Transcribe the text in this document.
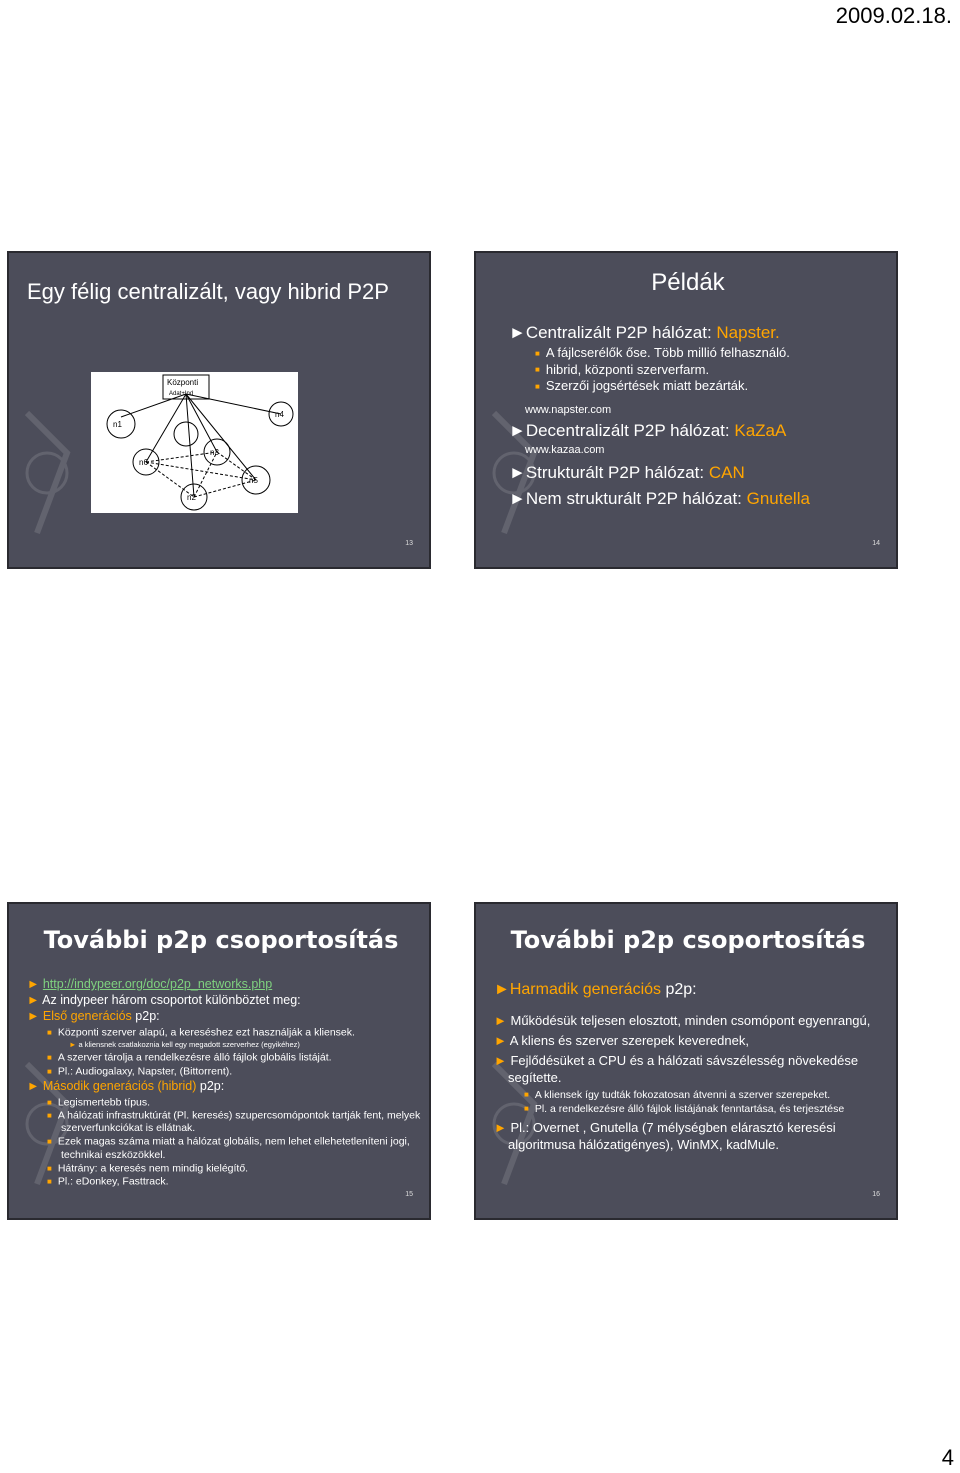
2009.02.18.
Egy félig centralizált, vagy hibrid P2P
Központi
Adat+Ind
n1
n4
n3
n5
n6
n2
13
Példák
►Centralizált P2P hálózat: Napster.
■ A fájlcserélők őse. Több millió felhasználó.
■ hibrid, központi szerverfarm.
■ Szerzői jogsértések miatt bezárták.
www.napster.com
►Decentralizált P2P hálózat: KaZaA
www.kazaa.com
►Strukturált P2P hálózat: CAN
►Nem strukturált P2P hálózat: Gnutella
14
További p2p csoportosítás
► http://indypeer.org/doc/p2p_networks.php
► Az indypeer három csoportot különböztet meg:
► Első generációs p2p:
■ Központi szerver alapú, a kereséshez ezt használják a kliensek.
► a kliensnek csatlakoznia kell egy megadott szerverhez (egyikéhez)
■ A szerver tárolja a rendelkezésre álló fájlok globális listáját.
■ Pl.: Audiogalaxy, Napster, (Bittorrent).
► Második generációs (hibrid) p2p:
■ Legismertebb típus.
■ A hálózati infrastruktúrát (Pl. keresés) szupercsomópontok tartják fent, melyek szerverfunkciókat is ellátnak.
■ Ezek magas száma miatt a hálózat globális, nem lehet ellehetetleníteni jogi, technikai eszközökkel.
■ Hátrány: a keresés nem mindig kielégítő.
■ Pl.: eDonkey, Fasttrack.
15
További p2p csoportosítás
►Harmadik generációs p2p:
► Működésük teljesen elosztott, minden csomópont egyenrangú,
► A kliens és szerver szerepek keverednek,
► Fejlődésüket a CPU és a hálózati sávszélesség növekedése segítette.
■ A kliensek így tudták fokozatosan átvenni a szerver szerepeket.
■ Pl. a rendelkezésre álló fájlok listájának fenntartása, és terjesztése
► Pl.: Overnet , Gnutella (7 mélységben elárasztó keresési algoritmusa hálózatigényes), WinMX, kadMule.
16
4
